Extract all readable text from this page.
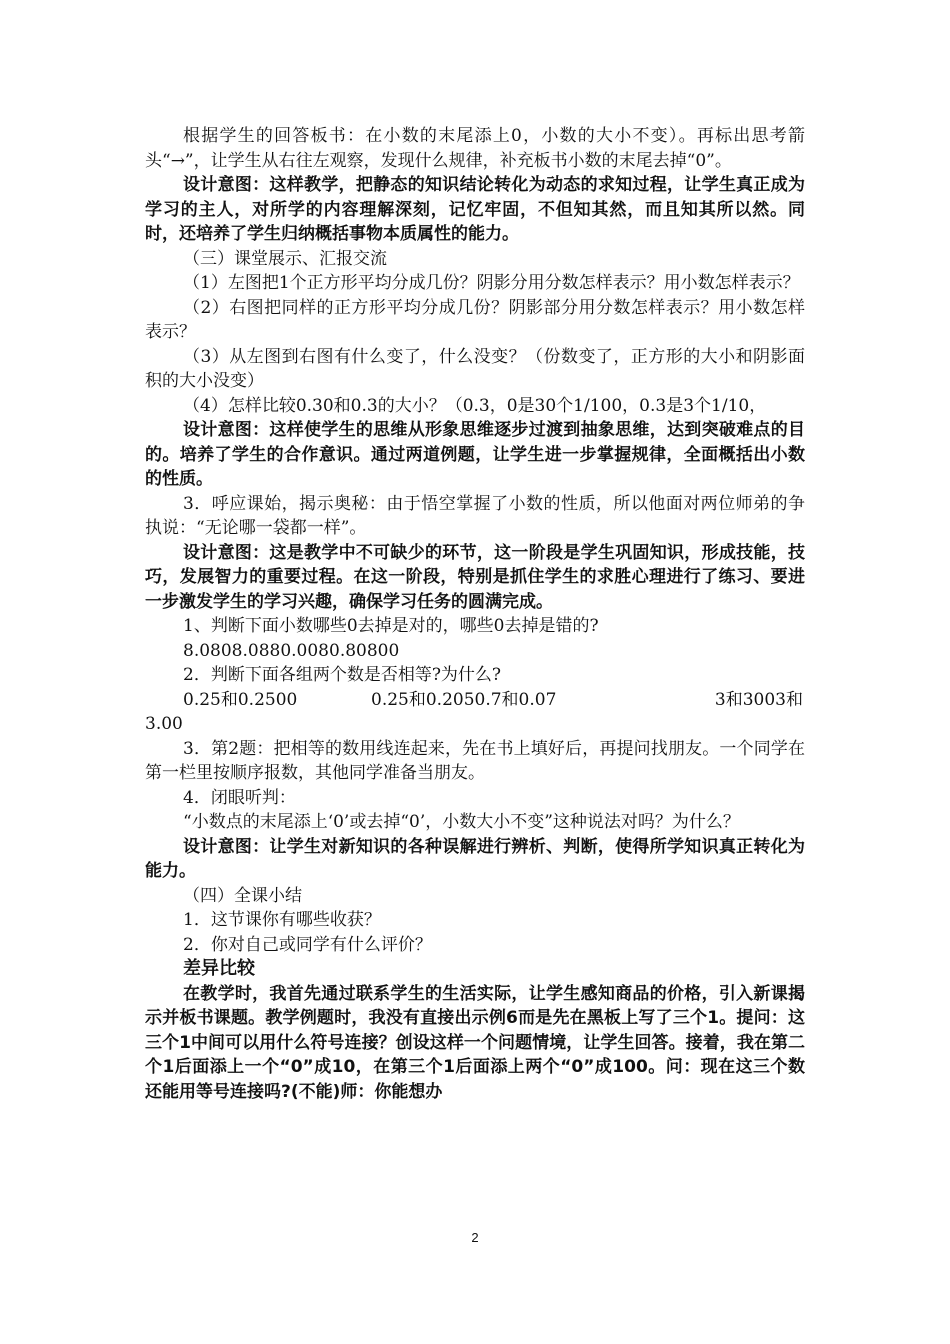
根据学生的回答板书：在小数的末尾添上0，小数的大小不变）。再标出思考箭头“→”，让学生从右往左观察，发现什么规律，补充板书小数的末尾去掉“0”。

设计意图：这样教学，把静态的知识结论转化为动态的求知过程，让学生真正成为学习的主人，对所学的内容理解深刻，记忆牢固，不但知其然，而且知其所以然。同时，还培养了学生归纳概括事物本质属性的能力。

（三）课堂展示、汇报交流

（1）左图把1个正方形平均分成几份？阴影分用分数怎样表示？用小数怎样表示？

（2）右图把同样的正方形平均分成几份？阴影部分用分数怎样表示？用小数怎样表示？

（3）从左图到右图有什么变了，什么没变？（份数变了，正方形的大小和阴影面积的大小没变）

（4）怎样比较0.30和0.3的大小？（0.3，0是30个1/100，0.3是3个1/10，

设计意图：这样使学生的思维从形象思维逐步过渡到抽象思维，达到突破难点的目的。培养了学生的合作意识。通过两道例题，让学生进一步掌握规律，全面概括出小数的性质。

3．呼应课始，揭示奥秘：由于悟空掌握了小数的性质，所以他面对两位师弟的争执说：“无论哪一袋都一样”。

设计意图：这是教学中不可缺少的环节，这一阶段是学生巩固知识，形成技能，技巧，发展智力的重要过程。在这一阶段，特别是抓住学生的求胜心理进行了练习、要进一步激发学生的学习兴趣，确保学习任务的圆满完成。

1、判断下面小数哪些0去掉是对的，哪些0去掉是错的?

8.0808.0880.0080.80800

2．判断下面各组两个数是否相等?为什么?

0.25和0.2500	0.25和0.2050.7和0.07	3和3003和

3.00

3．第2题：把相等的数用线连起来，先在书上填好后，再提问找朋友。一个同学在第一栏里按顺序报数，其他同学准备当朋友。

4．闭眼听判：

“小数点的末尾添上‘0’或去掉“0’，小数大小不变”这种说法对吗？为什么？

设计意图：让学生对新知识的各种误解进行辨析、判断，使得所学知识真正转化为能力。

（四）全课小结

1．这节课你有哪些收获？

2．你对自己或同学有什么评价？

差异比较

在教学时，我首先通过联系学生的生活实际，让学生感知商品的价格，引入新课揭示并板书课题。教学例题时，我没有直接出示例6而是先在黑板上写了三个1。提问：这三个1中间可以用什么符号连接？创设这样一个问题情境，让学生回答。接着，我在第二个1后面添上一个“0”成10，在第三个1后面添上两个“0”成100。问：现在这三个数还能用等号连接吗?(不能)师：你能想办

2
